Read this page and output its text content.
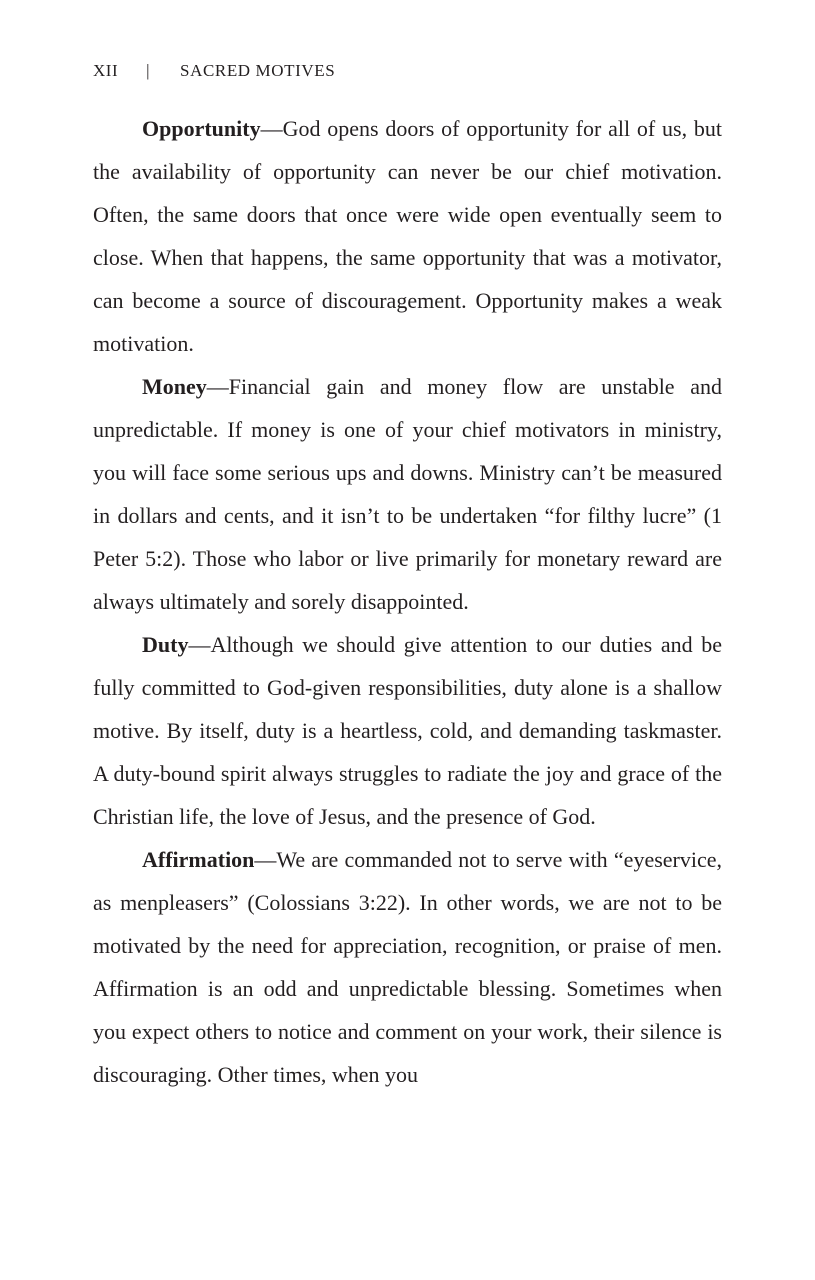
XII | SACRED MOTIVES

Opportunity—God opens doors of opportunity for all of us, but the availability of opportunity can never be our chief motivation. Often, the same doors that once were wide open eventually seem to close. When that happens, the same opportunity that was a motivator, can become a source of discouragement. Opportunity makes a weak motivation.

Money—Financial gain and money flow are unstable and unpredictable. If money is one of your chief motivators in ministry, you will face some serious ups and downs. Ministry can’t be measured in dollars and cents, and it isn’t to be undertaken “for filthy lucre” (1 Peter 5:2). Those who labor or live primarily for monetary reward are always ultimately and sorely disappointed.

Duty—Although we should give attention to our duties and be fully committed to God-given responsibilities, duty alone is a shallow motive. By itself, duty is a heartless, cold, and demanding taskmaster. A duty-bound spirit always struggles to radiate the joy and grace of the Christian life, the love of Jesus, and the presence of God.

Affirmation—We are commanded not to serve with “eyeservice, as menpleasers” (Colossians 3:22). In other words, we are not to be motivated by the need for appreciation, recognition, or praise of men. Affirmation is an odd and unpredictable blessing. Sometimes when you expect others to notice and comment on your work, their silence is discouraging. Other times, when you
